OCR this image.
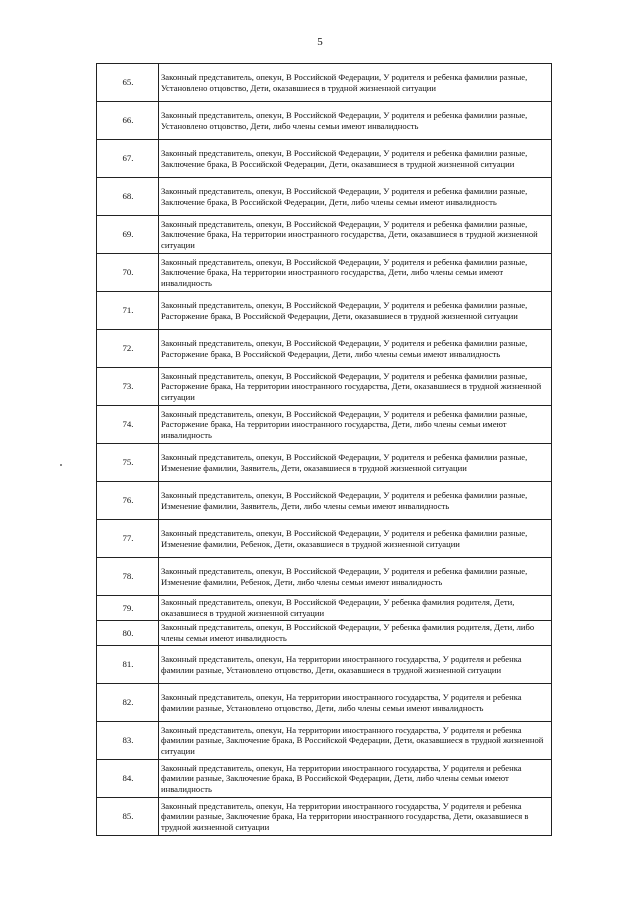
5
65.	Законный представитель, опекун, В Российской Федерации, У родителя и ребенка фамилии разные, Установлено отцовство, Дети, оказавшиеся в трудной жизненной ситуации
66.	Законный представитель, опекун, В Российской Федерации, У родителя и ребенка фамилии разные, Установлено отцовство, Дети, либо члены семьи имеют инвалидность
67.	Законный представитель, опекун, В Российской Федерации, У родителя и ребенка фамилии разные, Заключение брака, В Российской Федерации, Дети, оказавшиеся в трудной жизненной ситуации
68.	Законный представитель, опекун, В Российской Федерации, У родителя и ребенка фамилии разные, Заключение брака, В Российской Федерации, Дети, либо члены семьи имеют инвалидность
69.	Законный представитель, опекун, В Российской Федерации, У родителя и ребенка фамилии разные, Заключение брака, На территории иностранного государства, Дети, оказавшиеся в трудной жизненной ситуации
70.	Законный представитель, опекун, В Российской Федерации, У родителя и ребенка фамилии разные, Заключение брака, На территории иностранного государства, Дети, либо члены семьи имеют инвалидность
71.	Законный представитель, опекун, В Российской Федерации, У родителя и ребенка фамилии разные, Расторжение брака, В Российской Федерации, Дети, оказавшиеся в трудной жизненной ситуации
72.	Законный представитель, опекун, В Российской Федерации, У родителя и ребенка фамилии разные, Расторжение брака, В Российской Федерации, Дети, либо члены семьи имеют инвалидность
73.	Законный представитель, опекун, В Российской Федерации, У родителя и ребенка фамилии разные, Расторжение брака, На территории иностранного государства, Дети, оказавшиеся в трудной жизненной ситуации
74.	Законный представитель, опекун, В Российской Федерации, У родителя и ребенка фамилии разные, Расторжение брака, На территории иностранного государства, Дети, либо члены семьи имеют инвалидность
75.	Законный представитель, опекун, В Российской Федерации, У родителя и ребенка фамилии разные, Изменение фамилии, Заявитель, Дети, оказавшиеся в трудной жизненной ситуации
76.	Законный представитель, опекун, В Российской Федерации, У родителя и ребенка фамилии разные, Изменение фамилии, Заявитель, Дети, либо члены семьи имеют инвалидность
77.	Законный представитель, опекун, В Российской Федерации, У родителя и ребенка фамилии разные, Изменение фамилии, Ребенок, Дети, оказавшиеся в трудной жизненной ситуации
78.	Законный представитель, опекун, В Российской Федерации, У родителя и ребенка фамилии разные, Изменение фамилии, Ребенок, Дети, либо члены семьи имеют инвалидность
79.	Законный представитель, опекун, В Российской Федерации, У ребенка фамилия родителя, Дети, оказавшиеся в трудной жизненной ситуации
80.	Законный представитель, опекун, В Российской Федерации, У ребенка фамилия родителя, Дети, либо члены семьи имеют инвалидность
81.	Законный представитель, опекун, На территории иностранного государства, У родителя и ребенка фамилии разные, Установлено отцовство, Дети, оказавшиеся в трудной жизненной ситуации
82.	Законный представитель, опекун, На территории иностранного государства, У родителя и ребенка фамилии разные, Установлено отцовство, Дети, либо члены семьи имеют инвалидность
83.	Законный представитель, опекун, На территории иностранного государства, У родителя и ребенка фамилии разные, Заключение брака, В Российской Федерации, Дети, оказавшиеся в трудной жизненной ситуации
84.	Законный представитель, опекун, На территории иностранного государства, У родителя и ребенка фамилии разные, Заключение брака, В Российской Федерации, Дети, либо члены семьи имеют инвалидность
85.	Законный представитель, опекун, На территории иностранного государства, У родителя и ребенка фамилии разные, Заключение брака, На территории иностранного государства, Дети, оказавшиеся в трудной жизненной ситуации
